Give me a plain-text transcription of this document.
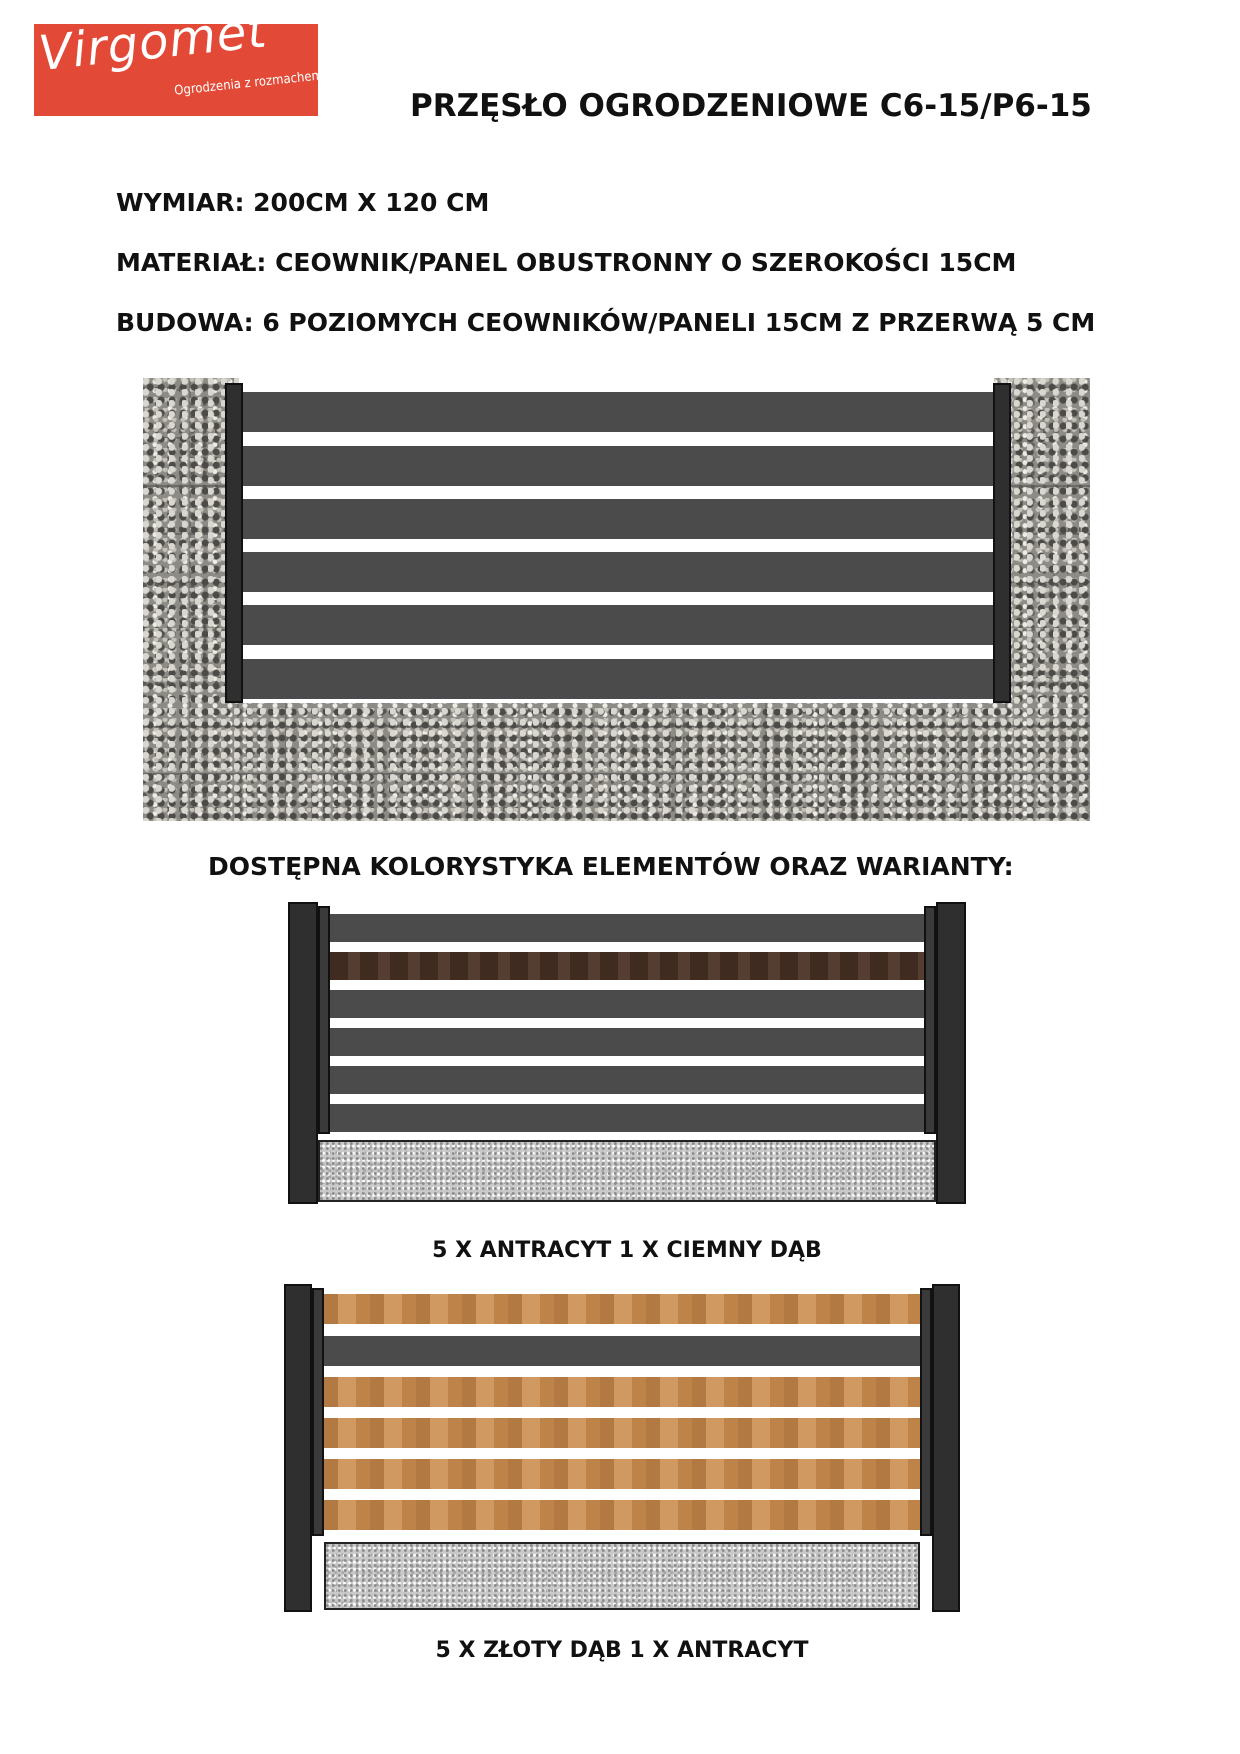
Virgomet
Ogrodzenia z rozmachem
PRZĘSŁO OGRODZENIOWE C6-15/P6-15
WYMIAR: 200CM X 120 CM
MATERIAŁ: CEOWNIK/PANEL OBUSTRONNY O SZEROKOŚCI 15CM
BUDOWA: 6 POZIOMYCH CEOWNIKÓW/PANELI 15CM Z PRZERWĄ 5 CM
DOSTĘPNA KOLORYSTYKA ELEMENTÓW ORAZ WARIANTY:
5 X ANTRACYT 1 X CIEMNY DĄB
5 X ZŁOTY DĄB 1 X ANTRACYT
